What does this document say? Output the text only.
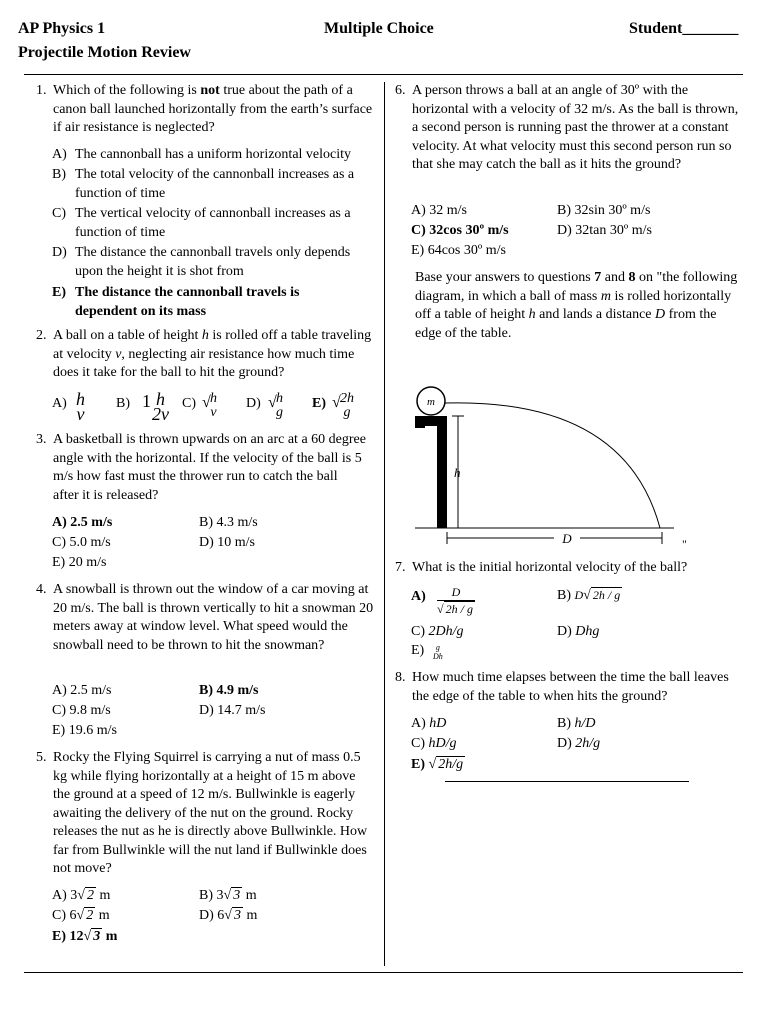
AP Physics 1	Multiple Choice	Student_______
Projectile Motion Review
1. Which of the following is not true about the path of a canon ball launched horizontally from the earth’s surface if air resistance is neglected?
A) The cannonball has a uniform horizontal velocity
B) The total velocity of the cannonball increases as a function of time
C) The vertical velocity of cannonball increases as a function of time
D) The distance the cannonball travels only depends upon the height it is shot from
E) The distance the cannonball travels is dependent on its mass
2. A ball on a table of height h is rolled off a table traveling at velocity v, neglecting air resistance how much time does it take for the ball to hit the ground?
A) h
v
B) 1 h
2v
C) √ h
v
D) √ h
g
E) √ 2h
g
3. A basketball is thrown upwards on an arc at a 60 degree angle with the horizontal. If the velocity of the ball is 5 m/s how fast must the thrower run to catch the ball after it is released?
A) 2.5 m/s	B) 4.3 m/s
C) 5.0 m/s	D) 10 m/s
E) 20 m/s
4. A snowball is thrown out the window of a car moving at 20 m/s. The ball is thrown vertically to hit a snowman 20 meters away at window level. What speed would the snowball need to be thrown to hit the snowman?
A) 2.5 m/s	B) 4.9 m/s
C) 9.8 m/s	D) 14.7 m/s
E) 19.6 m/s
5. Rocky the Flying Squirrel is carrying a nut of mass 0.5 kg while flying horizontally at a height of 15 m above the ground at a speed of 12 m/s. Bullwinkle is eagerly awaiting the delivery of the nut on the ground. Rocky releases the nut as he is directly above Bullwinkle. How far from Bullwinkle will the nut land if Bullwinkle does not move?
A) 3√ 2 m	B) 3√ 3 m
C) 6√ 2 m	D) 6√ 3 m
E) 12√ 3 m
6. A person throws a ball at an angle of 30º with the horizontal with a velocity of 32 m/s. As the ball is thrown, a second person is running past the thrower at a constant velocity. At what velocity must this second person run so that she may catch the ball as it hits the ground?
A) 32 m/s	B) 32sin 30º m/s
C) 32cos 30º m/s	D) 32tan 30º m/s
E) 64cos 30º m/s
Base your answers to questions 7 and 8 on "the following diagram, in which a ball of mass m is rolled horizontally off a table of height h and lands a distance D from the edge of the table.
m
h
D	"
7. What is the initial horizontal velocity of the ball?
$A) \frac{D}{√ 2h / g}$	B) D√ 2h / g
C) 2Dh/g	D) Dhg
E) g
Dh
8. How much time elapses between the time the ball leaves the edge of the table to when hits the ground?
A) hD	B) h/D
C) hD/g	D) 2h/g
E) √ 2h/g
